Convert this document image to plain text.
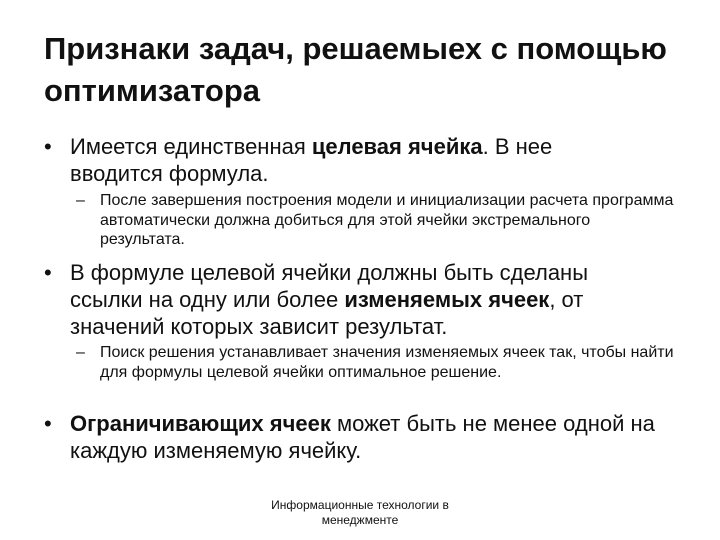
Признаки задач, решаемыех с помощью оптимизатора
• Имеется единственная целевая ячейка. В нее вводится формула.
– После завершения построения модели и инициализации расчета программа автоматически должна добиться для этой ячейки экстремального результата.
• В формуле целевой ячейки должны быть сделаны ссылки на одну или более изменяемых ячеек, от значений которых зависит результат.
– Поиск решения устанавливает значения изменяемых ячеек так, чтобы найти для формулы целевой ячейки оптимальное решение.
• Ограничивающих ячеек может быть не менее одной на каждую изменяемую ячейку.
Информационные технологии в менеджменте
